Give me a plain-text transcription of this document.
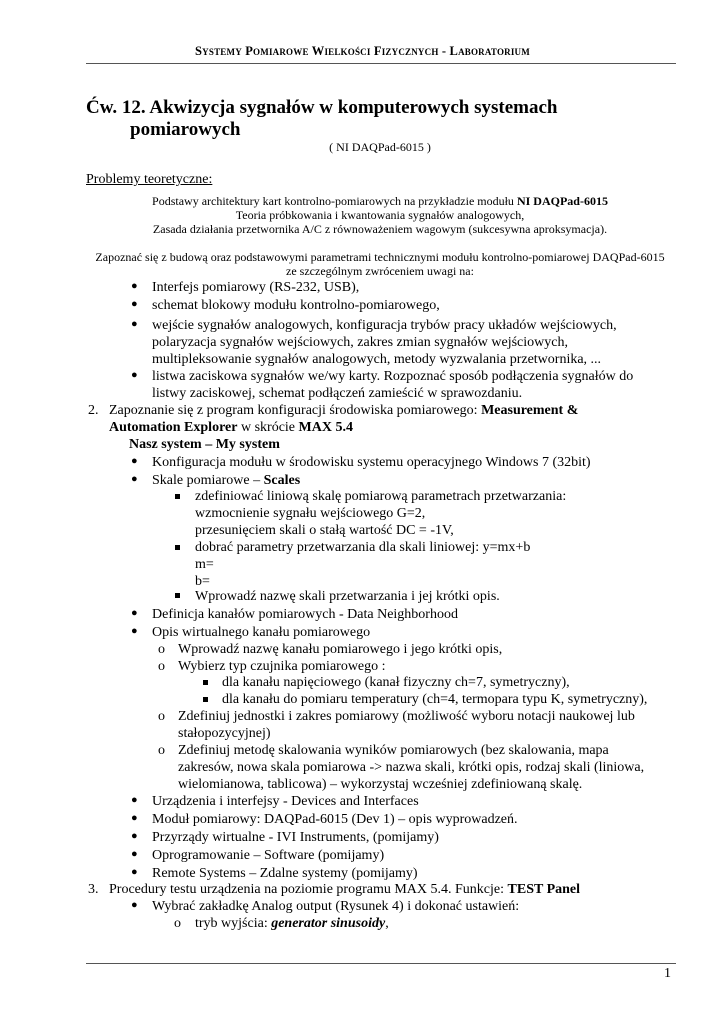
Systemy Pomiarowe Wielkości Fizycznych - Laboratorium
Ćw. 12. Akwizycja sygnałów w komputerowych systemach
pomiarowych
( NI DAQPad-6015 )
Problemy teoretyczne:
Podstawy architektury kart kontrolno-pomiarowych na przykładzie modułu NI DAQPad-6015
Teoria próbkowania i kwantowania sygnałów analogowych,
Zasada działania przetwornika A/C z równoważeniem wagowym (sukcesywna aproksymacja).
Zapoznać się z budową oraz podstawowymi parametrami technicznymi modułu kontrolno-pomiarowej DAQPad-6015
ze szczególnym zwróceniem uwagi na:
● Interfejs pomiarowy (RS-232, USB),
● schemat blokowy modułu kontrolno-pomiarowego,
● wejście sygnałów analogowych, konfiguracja trybów pracy układów wejściowych,
polaryzacja sygnałów wejściowych, zakres zmian sygnałów wejściowych,
multipleksowanie sygnałów analogowych, metody wyzwalania przetwornika, ...
● listwa zaciskowa sygnałów we/wy karty. Rozpoznać sposób podłączenia sygnałów do
listwy zaciskowej, schemat podłączeń zamieścić w sprawozdaniu.
2. Zapoznanie się z program konfiguracji środowiska pomiarowego: Measurement &
Automation Explorer w skrócie MAX 5.4
Nasz system – My system
● Konfiguracja modułu w środowisku systemu operacyjnego Windows 7 (32bit)
● Skale pomiarowe – Scales
zdefiniować liniową skalę pomiarową parametrach przetwarzania:
wzmocnienie sygnału wejściowego G=2,
przesunięciem skali o stałą wartość DC = -1V,
dobrać parametry przetwarzania dla skali liniowej: y=mx+b
m=
b=
Wprowadź nazwę skali przetwarzania i jej krótki opis.
● Definicja kanałów pomiarowych - Data Neighborhood
● Opis wirtualnego kanału pomiarowego
o Wprowadź nazwę kanału pomiarowego i jego krótki opis,
o Wybierz typ czujnika pomiarowego :
dla kanału napięciowego (kanał fizyczny ch=7, symetryczny),
dla kanału do pomiaru temperatury (ch=4, termopara typu K, symetryczny),
o Zdefiniuj jednostki i zakres pomiarowy (możliwość wyboru notacji naukowej lub
stałopozycyjnej)
o Zdefiniuj metodę skalowania wyników pomiarowych (bez skalowania, mapa
zakresów, nowa skala pomiarowa -> nazwa skali, krótki opis, rodzaj skali (liniowa,
wielomianowa, tablicowa) – wykorzystaj wcześniej zdefiniowaną skalę.
● Urządzenia i interfejsy - Devices and Interfaces
● Moduł pomiarowy: DAQPad-6015 (Dev 1) – opis wyprowadzeń.
● Przyrządy wirtualne - IVI Instruments, (pomijamy)
● Oprogramowanie – Software (pomijamy)
● Remote Systems – Zdalne systemy (pomijamy)
3. Procedury testu urządzenia na poziomie programu MAX 5.4. Funkcje: TEST Panel
● Wybrać zakładkę Analog output (Rysunek 4) i dokonać ustawień:
o tryb wyjścia: generator sinusoidy,
1
